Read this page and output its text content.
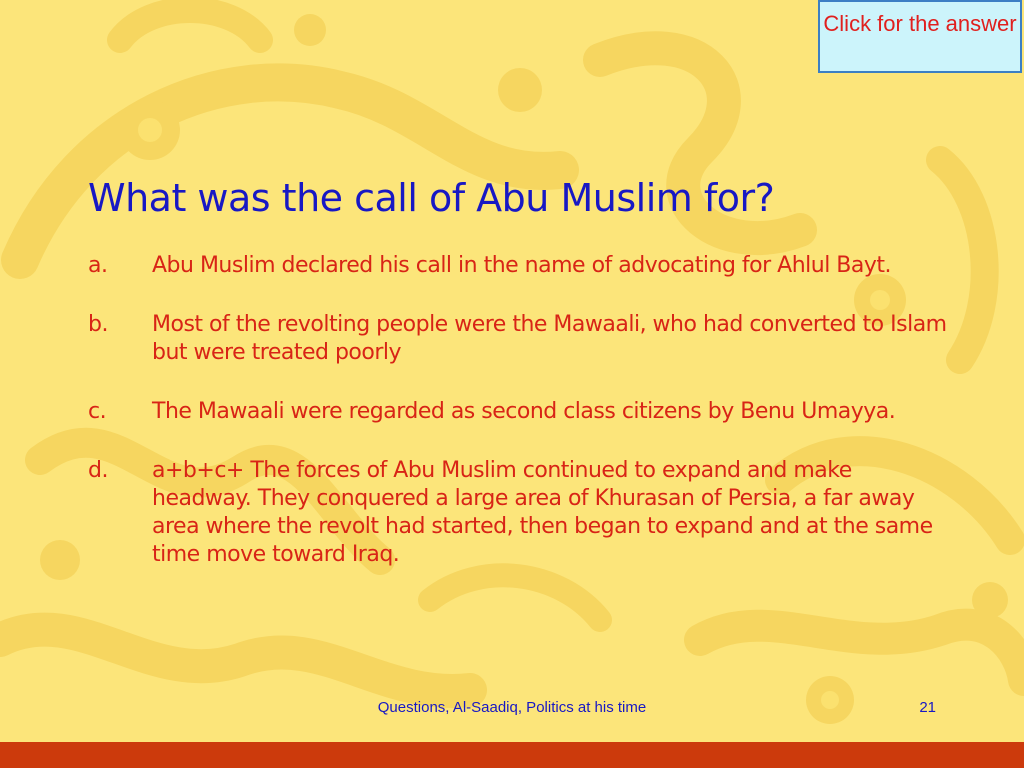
Click for the answer
What was the call of Abu Muslim for?
a.	Abu Muslim declared his call in the name of advocating for Ahlul Bayt.
b.	Most of the revolting people were the Mawaali, who had converted to Islam but were treated poorly
c.	The Mawaali were regarded as second class citizens by Benu Umayya.
d.	a+b+c+ The forces of Abu Muslim continued to expand and make headway. They conquered a large area of Khurasan of Persia, a far away area where the revolt had started, then began to expand and at the same time move toward Iraq.
Questions, Al-Saadiq, Politics at his time	21
